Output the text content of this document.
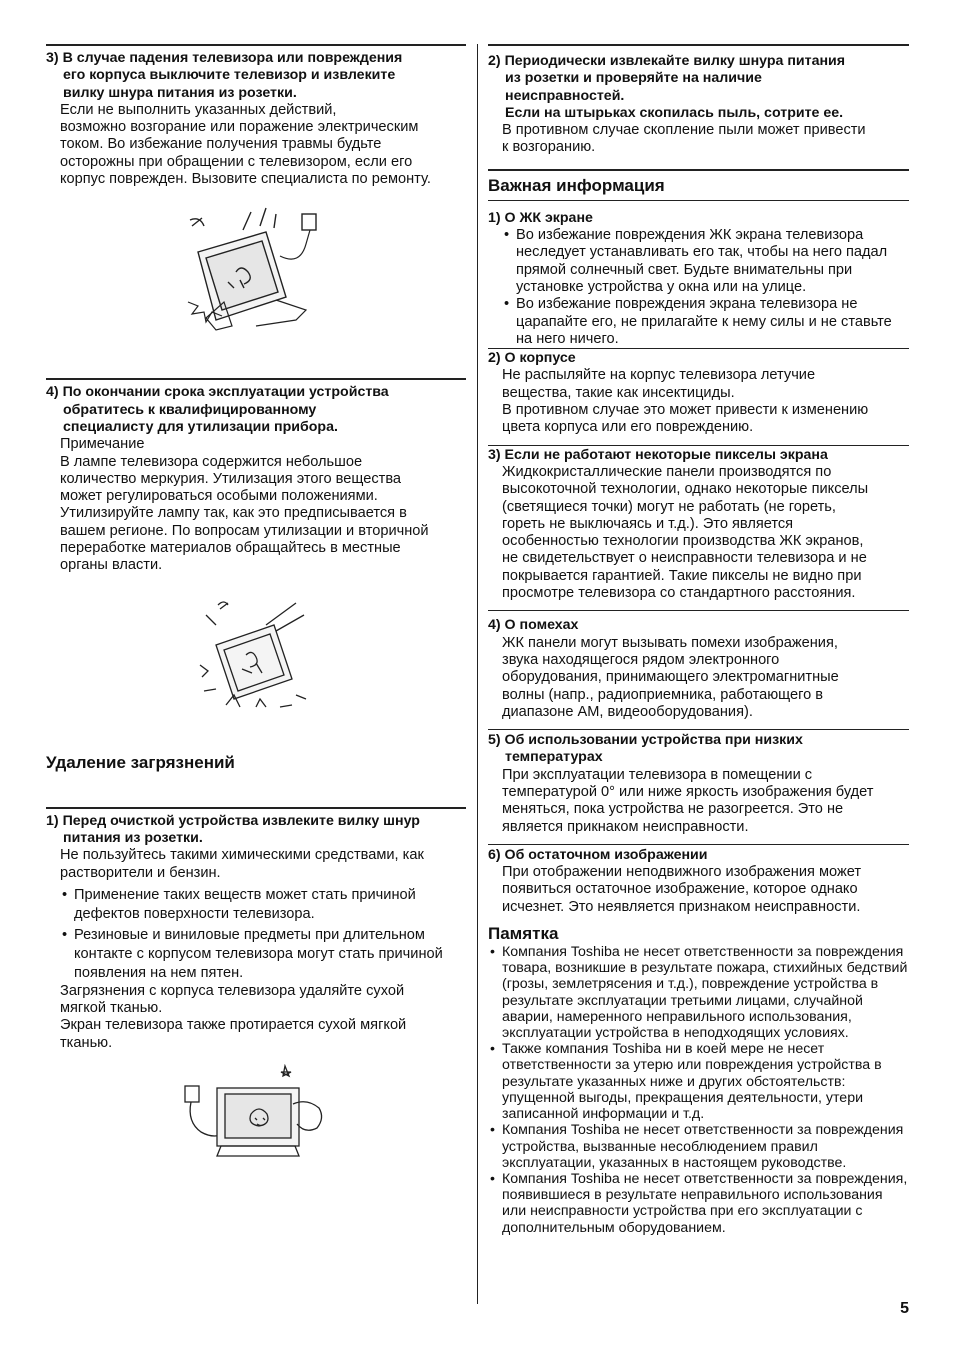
3) В случае падения телевизора или повреждения
его корпуса выключите телевизор и извлеките
вилку шнура питания из розетки.

Если не выполнить указанных действий,

возможно возгорание или поражение электрическим

током. Во избежание получения травмы будьте

осторожны при обращении с телевизором, если его

корпус поврежден. Вызовите специалиста по ремонту.

4) По окончании срока эксплуатации устройства
обратитесь к квалифицированному
специалисту для утилизации прибора.

Примечание

В лампе телевизора содержится небольшое

количество меркурия. Утилизация этого вещества

может регулироваться особыми положениями.

Утилизируйте лампу так, как это предписывается в

вашем регионе. По вопросам утилизации и вторичной

переработке материалов обращайтесь в местные

органы власти.

Удаление загрязнений
1) Перед очисткой устройства извлеките вилку шнур
питания из розетки.

Не пользуйтесь такими химическими средствами, как

растворители и бензин.

• Применение таких веществ может стать причиной дефектов поверхности телевизора.
• Резиновые и виниловые предметы при длительном контакте с корпусом телевизора могут стать причиной появления на нем пятен.

Загрязнения с корпуса телевизора удаляйте сухой

мягкой тканью.

Экран телевизора также протирается сухой мягкой

тканью.

2) Периодически извлекайте вилку шнура питания
из розетки и проверяйте на наличие
неисправностей.
Если на штырьках скопилась пыль, сотрите ее.

В противном случае скопление пыли может привести

к возгоранию.

Важная информация
1) О ЖК экране
• Во избежание повреждения ЖК экрана телевизора неследует устанавливать его так, чтобы на него падал прямой солнечный свет. Будьте внимательны при установке устройства у окна или на улице.
• Во избежание повреждения экрана телевизора не царапайте его, не прилагайте к нему силы и не ставьте на него ничего.
2) О корпусе

Не распыляйте на корпус телевизора летучие

вещества, такие как инсектициды.

В противном случае это может привести к изменению

цвета корпуса или его повреждению.

3) Если не работают некоторые пикселы экрана

Жидкокристаллические панели производятся по

высокоточной технологии, однако некоторые пикселы

(светящиеся точки) могут не работать (не гореть,

гореть не выключаясь и т.д.). Это является

особенностью технологии производства ЖК экранов,

не свидетельствует о неисправности телевизора и не

покрывается гарантией. Такие пикселы не видно при

просмотре телевизора со стандартного расстояния.

4) О помехах

ЖК панели могут вызывать помехи изображения,

звука находящегося рядом электронного

оборудования, принимающего электромагнитные

волны (напр., радиоприемника, работающего в

диапазоне АМ, видеооборудования).

5) Об использовании устройства при низких
температурах

При эксплуатации телевизора в помещении с

температурой 0° или ниже яркость изображения будет

меняться, пока устройства не разогреется. Это не

является прикнаком неисправности.

6) Об остаточном изображении

При отображении неподвижного изображения может

появиться остаточное изображение, которое однако

исчезнет. Это неявляется признаком неисправности.

Памятка
• Компания Toshiba не несет ответственности за повреждения товара, возникшие в результате пожара, стихийных бедствий (грозы, землетрясения и т.д.), повреждение устройства в результате эксплуатации третьими лицами, случайной аварии, намеренного неправильного использования, эксплуатации устройства в неподходящих условиях.
• Также компания Toshiba ни в коей мере не несет ответственности за утерю или повреждения устройства в результате указанных ниже и других обстоятельств: упущенной выгоды, прекращения деятельности, утери записанной информации и т.д.
• Компания Toshiba не несет ответственности за повреждения устройства, вызванные несоблюдением правил эксплуатации, указанных в настоящем руководстве.
• Компания Toshiba не несет ответственности за повреждения, появившиеся в результате неправильного использования или неисправности устройства при его эксплуатации с дополнительным оборудованием.
5
